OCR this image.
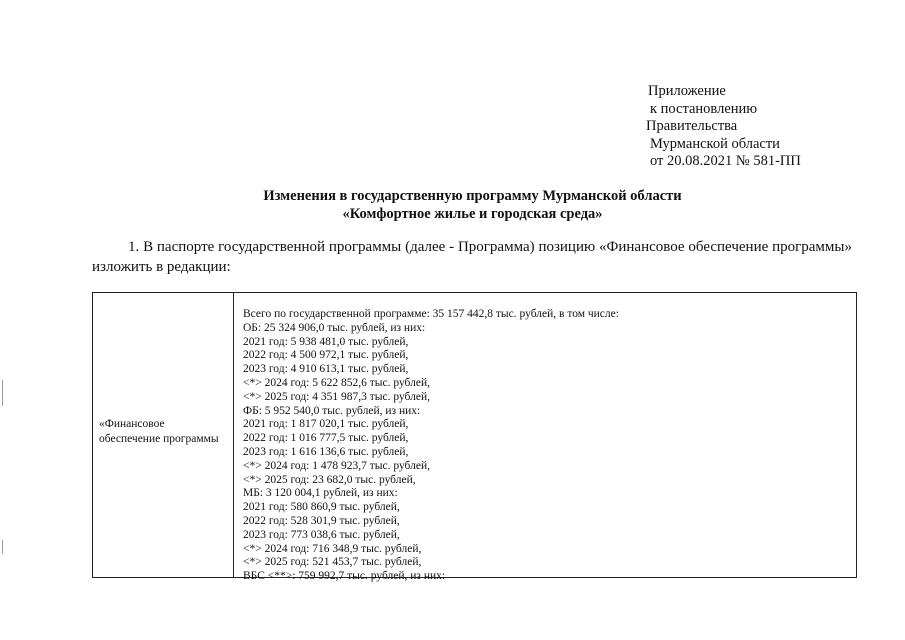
Приложение
к постановлению
Правительства
Мурманской области
от 20.08.2021 № 581-ПП
Изменения в государственную программу Мурманской области
«Комфортное жилье и городская среда»
1. В паспорте государственной программы (далее - Программа) позицию «Финансовое обеспечение программы» изложить в редакции:
«Финансовое
обеспечение программы
Всего по государственной программе: 35 157 442,8 тыс. рублей, в том числе:
ОБ: 25 324 906,0 тыс. рублей, из них:
2021 год: 5 938 481,0 тыс. рублей,
2022 год: 4 500 972,1 тыс. рублей,
2023 год: 4 910 613,1 тыс. рублей,
<*> 2024 год: 5 622 852,6 тыс. рублей,
<*> 2025 год: 4 351 987,3 тыс. рублей,
ФБ: 5 952 540,0 тыс. рублей, из них:
2021 год: 1 817 020,1 тыс. рублей,
2022 год: 1 016 777,5 тыс. рублей,
2023 год: 1 616 136,6 тыс. рублей,
<*> 2024 год: 1 478 923,7 тыс. рублей,
<*> 2025 год: 23 682,0 тыс. рублей,
МБ: 3 120 004,1 рублей, из них:
2021 год: 580 860,9 тыс. рублей,
2022 год: 528 301,9 тыс. рублей,
2023 год: 773 038,6 тыс. рублей,
<*> 2024 год: 716 348,9 тыс. рублей,
<*> 2025 год: 521 453,7 тыс. рублей,
ВБС <**>: 759 992,7 тыс. рублей, из них:
